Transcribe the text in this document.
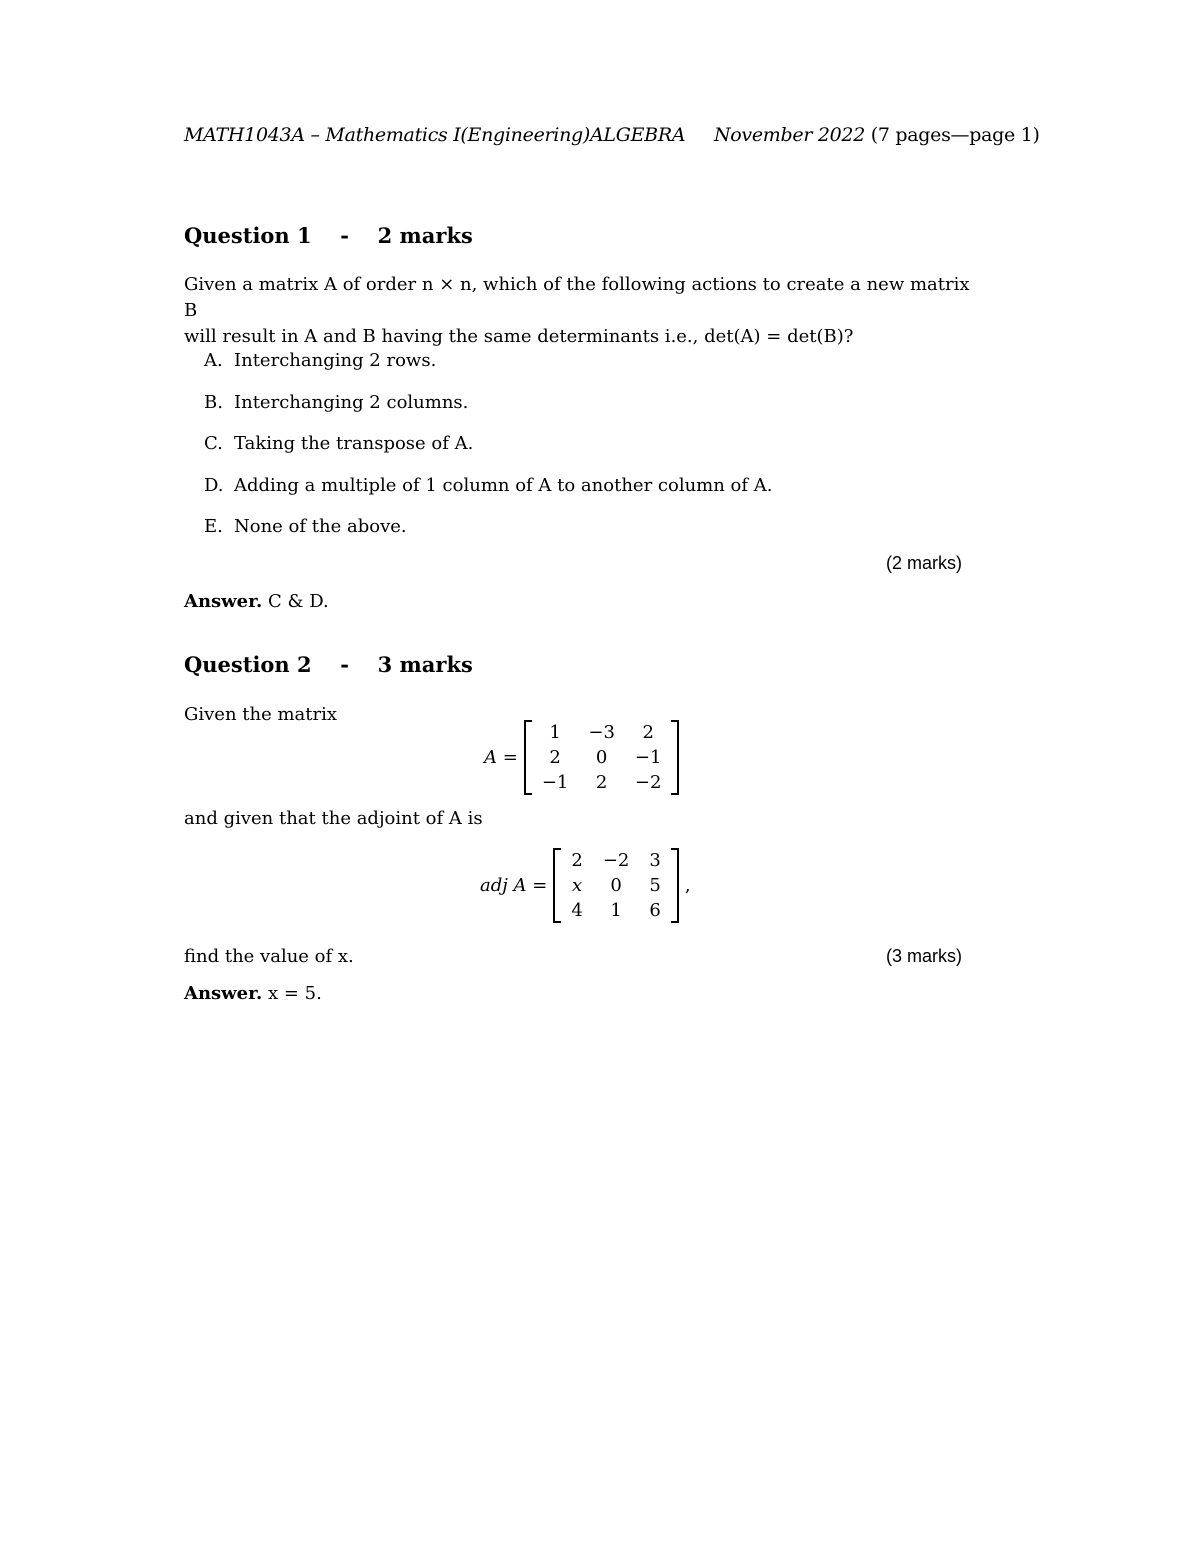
MATH1043A – Mathematics I(Engineering)ALGEBRA November 2022 (7 pages—page 1)
Question 1 - 2 marks
Given a matrix A of order n × n, which of the following actions to create a new matrix B
will result in A and B having the same determinants i.e., det(A) = det(B)?
A. Interchanging 2 rows.
B. Interchanging 2 columns.
C. Taking the transpose of A.
D. Adding a multiple of 1 column of A to another column of A.
E. None of the above.
(2 marks)
Answer. C & D.
Question 2 - 3 marks
Given the matrix
A =
1	−3	2
2	0	−1
−1	2	−2
and given that the adjoint of A is
adj A =
2	−2	3
x	0	5
4	1	6
,
find the value of x.	(3 marks)
Answer. x = 5.
